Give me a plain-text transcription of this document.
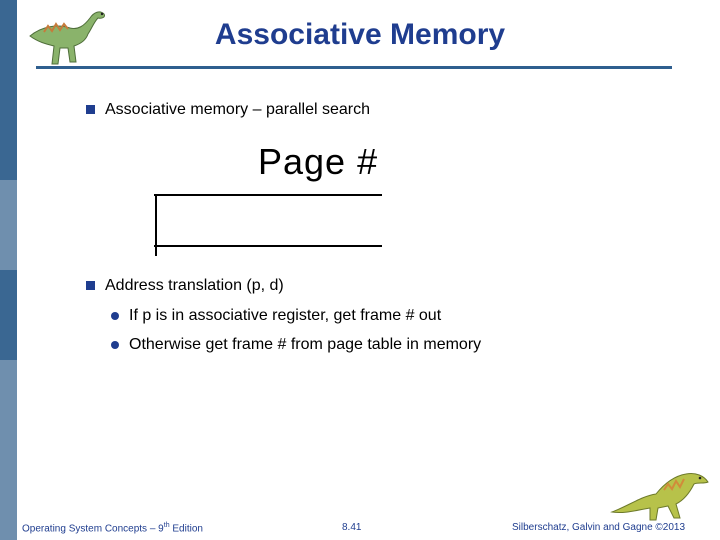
Associative Memory
Associative memory – parallel search
Page #
Address translation (p, d)
If p is in associative register, get frame # out
Otherwise get frame # from page table in memory
Operating System Concepts – 9th Edition	8.41	Silberschatz, Galvin and Gagne ©2013
